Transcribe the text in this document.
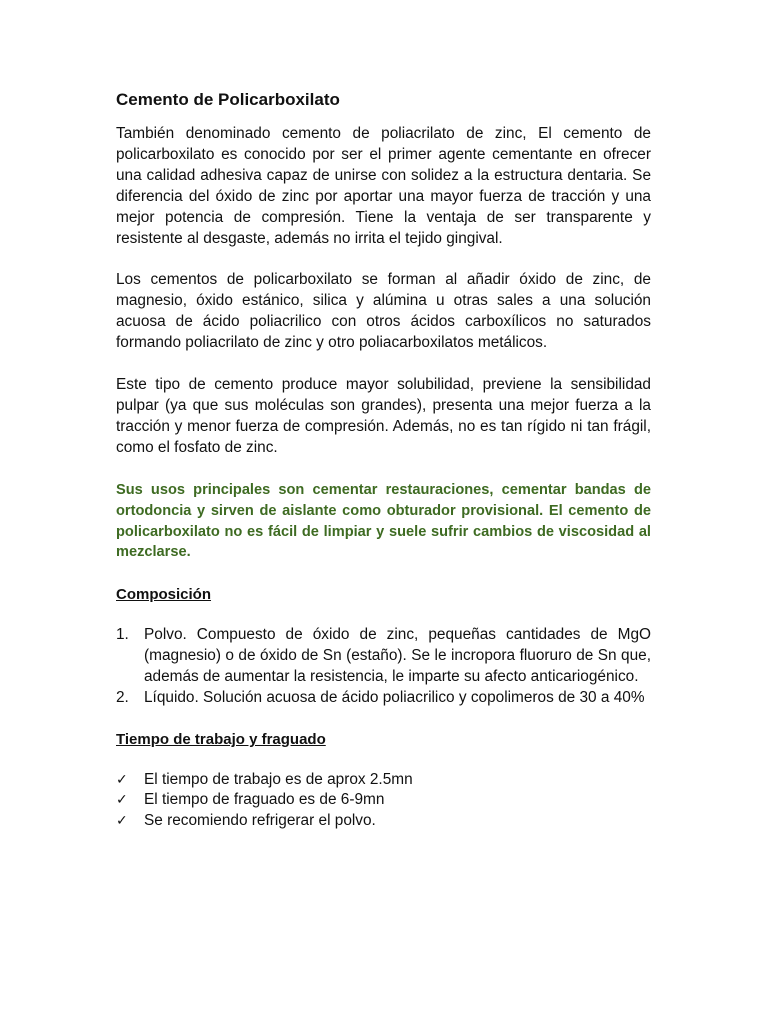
Cemento de Policarboxilato

También denominado cemento de poliacrilato de zinc, El cemento de policarboxilato es conocido por ser el primer agente cementante en ofrecer una calidad adhesiva capaz de unirse con solidez a la estructura dentaria. Se diferencia del óxido de zinc por aportar una mayor fuerza de tracción y una mejor potencia de compresión. Tiene la ventaja de ser transparente y resistente al desgaste, además no irrita el tejido gingival.

Los cementos de policarboxilato se forman al añadir óxido de zinc, de magnesio, óxido estánico, silica y alúmina u otras sales a una solución acuosa de ácido poliacrilico con otros ácidos carboxílicos no saturados formando poliacrilato de zinc y otro poliacarboxilatos metálicos.

Este tipo de cemento produce mayor solubilidad, previene la sensibilidad pulpar (ya que sus moléculas son grandes), presenta una mejor fuerza a la tracción y menor fuerza de compresión. Además, no es tan rígido ni tan frágil, como el fosfato de zinc.

Sus usos principales son cementar restauraciones, cementar bandas de ortodoncia y sirven de aislante como obturador provisional. El cemento de policarboxilato no es fácil de limpiar y suele sufrir cambios de viscosidad al mezclarse.

Composición
1. Polvo. Compuesto de óxido de zinc, pequeñas cantidades de MgO (magnesio) o de óxido de Sn (estaño). Se le incropora fluoruro de Sn que, además de aumentar la resistencia, le imparte su afecto anticariogénico.
2. Líquido. Solución acuosa de ácido poliacrilico y copolimeros de 30 a 40%
Tiempo de trabajo y fraguado
✓	El tiempo de trabajo es de aprox 2.5mn
✓	El tiempo de fraguado es de 6-9mn
✓	Se recomiendo refrigerar el polvo.
